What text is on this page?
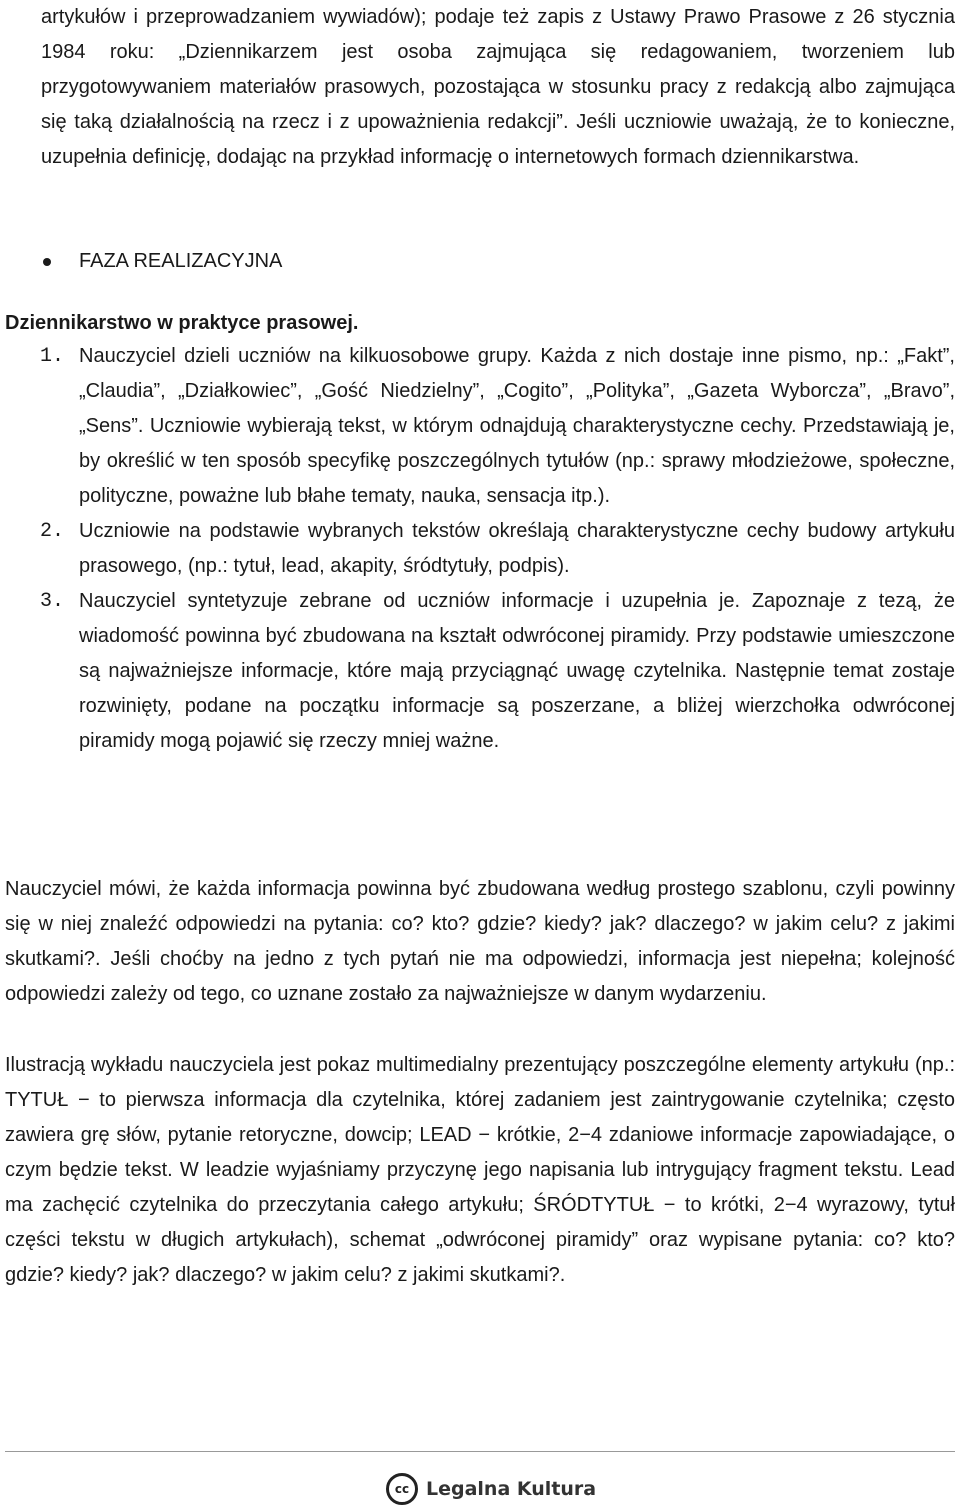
artykułów i przeprowadzaniem wywiadów); podaje też zapis z Ustawy Prawo Prasowe z 26 stycznia 1984 roku: „Dziennikarzem jest osoba zajmująca się redagowaniem, tworzeniem lub przygotowywaniem materiałów prasowych, pozostająca w stosunku pracy z redakcją albo zajmująca się taką działalnością na rzecz i z upoważnienia redakcji”. Jeśli uczniowie uważają, że to konieczne, uzupełnia definicję, dodając na przykład informację o internetowych formach dziennikarstwa.

FAZA REALIZACYJNA
Dziennikarstwo w praktyce prasowej.
1. Nauczyciel dzieli uczniów na kilkuosobowe grupy. Każda z nich dostaje inne pismo, np.: „Fakt”, „Claudia”, „Działkowiec”, „Gość Niedzielny”, „Cogito”, „Polityka”, „Gazeta Wyborcza”, „Bravo”, „Sens”. Uczniowie wybierają tekst, w którym odnajdują charakterystyczne cechy. Przedstawiają je, by określić w ten sposób specyfikę poszczególnych tytułów (np.: sprawy młodzieżowe, społeczne, polityczne, poważne lub błahe tematy, nauka, sensacja itp.).
2. Uczniowie na podstawie wybranych tekstów określają charakterystyczne cechy budowy artykułu prasowego, (np.: tytuł, lead, akapity, śródtytuły, podpis).
3. Nauczyciel syntetyzuje zebrane od uczniów informacje i uzupełnia je. Zapoznaje z tezą, że wiadomość powinna być zbudowana na kształt odwróconej piramidy. Przy podstawie umieszczone są najważniejsze informacje, które mają przyciągnąć uwagę czytelnika. Następnie temat zostaje rozwinięty, podane na początku informacje są poszerzane, a bliżej wierzchołka odwróconej piramidy mogą pojawić się rzeczy mniej ważne.

Nauczyciel mówi, że każda informacja powinna być zbudowana według prostego szablonu, czyli powinny się w niej znaleźć odpowiedzi na pytania: co? kto? gdzie? kiedy? jak? dlaczego? w jakim celu? z jakimi skutkami?. Jeśli choćby na jedno z tych pytań nie ma odpowiedzi, informacja jest niepełna; kolejność odpowiedzi zależy od tego, co uznane zostało za najważniejsze w danym wydarzeniu.

Ilustracją wykładu nauczyciela jest pokaz multimedialny prezentujący poszczególne elementy artykułu (np.: TYTUŁ − to pierwsza informacja dla czytelnika, której zadaniem jest zaintrygowanie czytelnika; często zawiera grę słów, pytanie retoryczne, dowcip; LEAD − krótkie, 2−4 zdaniowe informacje zapowiadające, o czym będzie tekst. W leadzie wyjaśniamy przyczynę jego napisania lub intrygujący fragment tekstu. Lead ma zachęcić czytelnika do przeczytania całego artykułu; ŚRÓDTYTUŁ − to krótki, 2−4 wyrazowy, tytuł części tekstu w długich artykułach), schemat „odwróconej piramidy” oraz wypisane pytania: co? kto? gdzie? kiedy? jak? dlaczego? w jakim celu? z jakimi skutkami?.

cc Legalna Kultura
